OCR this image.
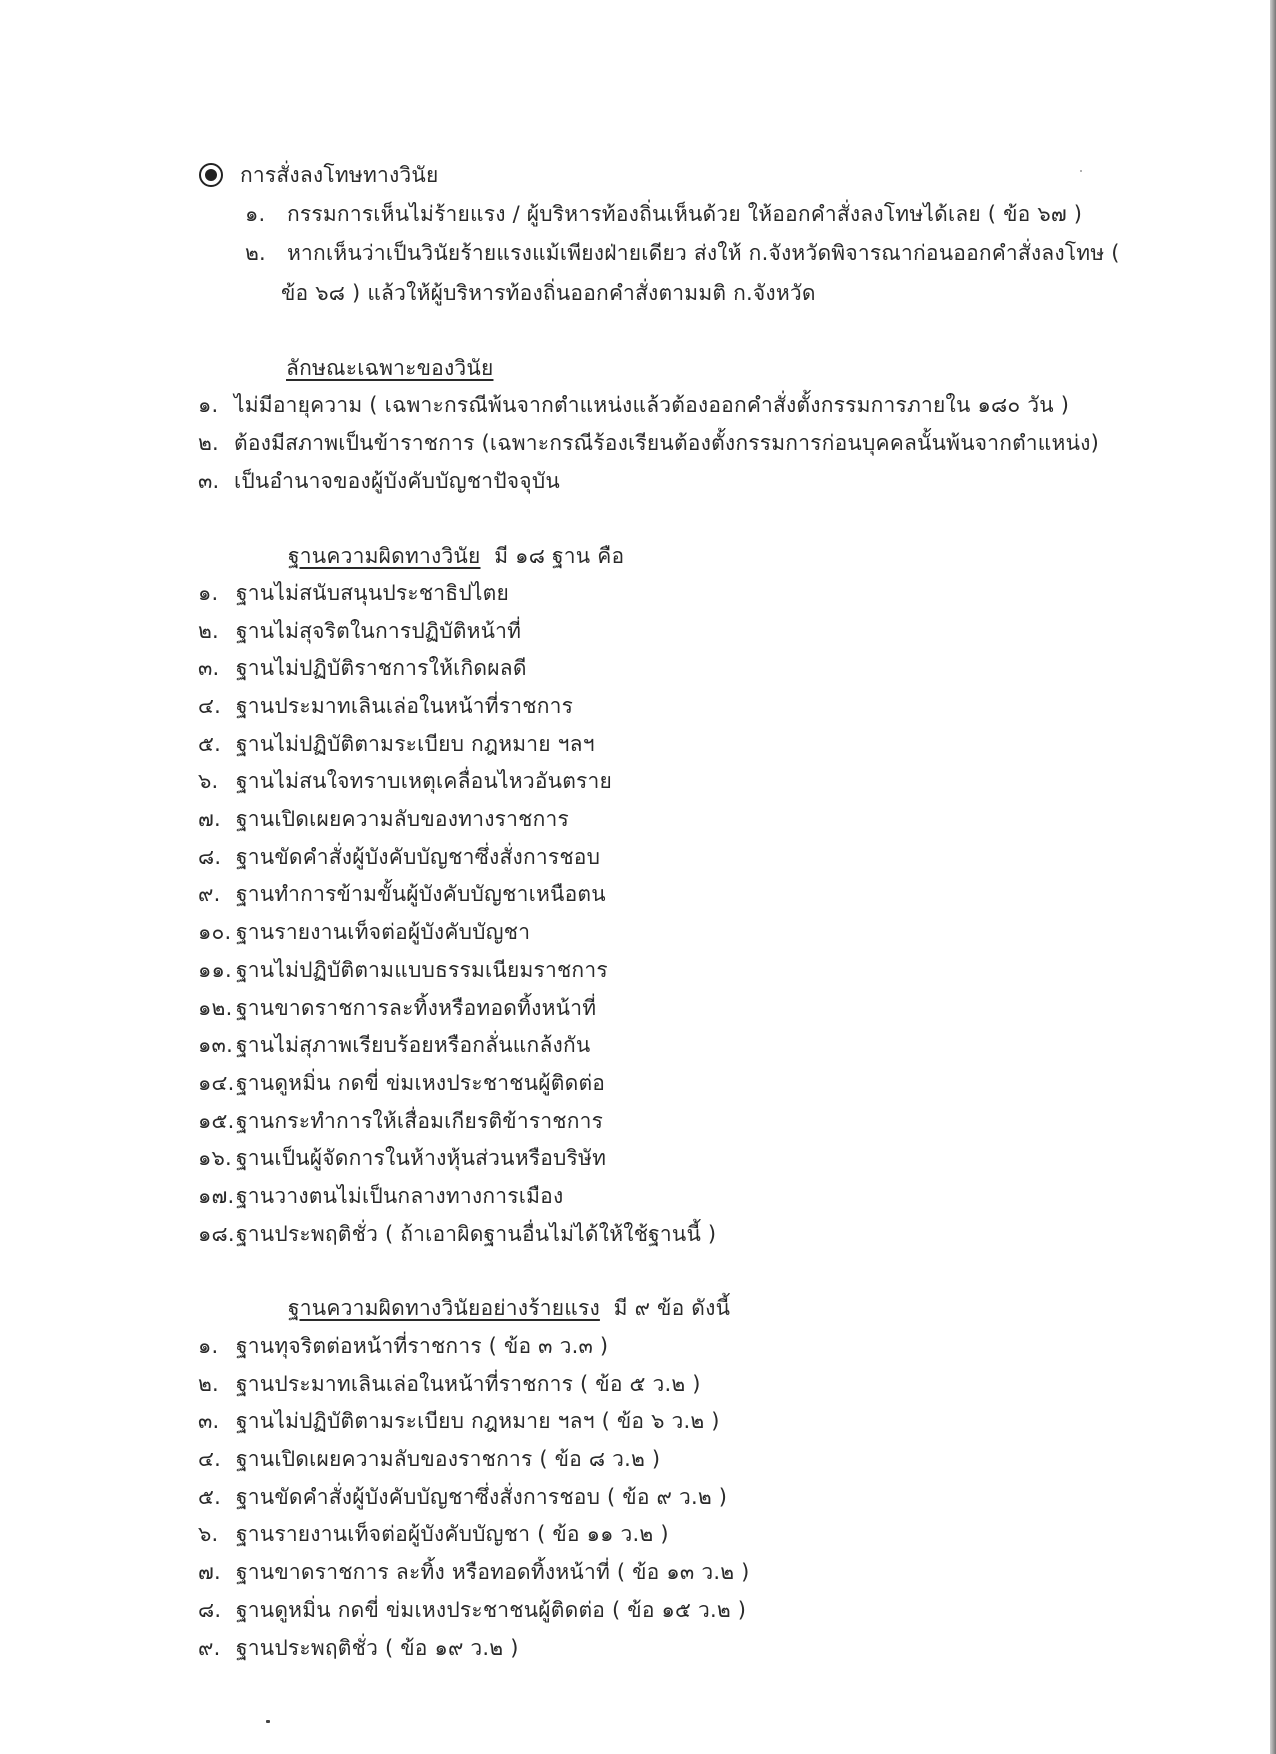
การสั่งลงโทษทางวินัย
๑. กรรมการเห็นไม่ร้ายแรง / ผู้บริหารท้องถิ่นเห็นด้วย ให้ออกคำสั่งลงโทษได้เลย ( ข้อ ๖๗ )
๒. หากเห็นว่าเป็นวินัยร้ายแรงแม้เพียงฝ่ายเดียว ส่งให้ ก.จังหวัดพิจารณาก่อนออกคำสั่งลงโทษ (
ข้อ ๖๘ ) แล้วให้ผู้บริหารท้องถิ่นออกคำสั่งตามมติ ก.จังหวัด
ลักษณะเฉพาะของวินัย
๑. ไม่มีอายุความ ( เฉพาะกรณีพ้นจากตำแหน่งแล้วต้องออกคำสั่งตั้งกรรมการภายใน ๑๘๐ วัน )
๒. ต้องมีสภาพเป็นข้าราชการ (เฉพาะกรณีร้องเรียนต้องตั้งกรรมการก่อนบุคคลนั้นพ้นจากตำแหน่ง)
๓. เป็นอำนาจของผู้บังคับบัญชาปัจจุบัน
ฐานความผิดทางวินัย มี ๑๘ ฐาน คือ
๑. ฐานไม่สนับสนุนประชาธิปไตย
๒. ฐานไม่สุจริตในการปฏิบัติหน้าที่
๓. ฐานไม่ปฏิบัติราชการให้เกิดผลดี
๔. ฐานประมาทเลินเล่อในหน้าที่ราชการ
๕. ฐานไม่ปฏิบัติตามระเบียบ กฎหมาย ฯลฯ
๖. ฐานไม่สนใจทราบเหตุเคลื่อนไหวอันตราย
๗. ฐานเปิดเผยความลับของทางราชการ
๘. ฐานขัดคำสั่งผู้บังคับบัญชาซึ่งสั่งการชอบ
๙. ฐานทำการข้ามขั้นผู้บังคับบัญชาเหนือตน
๑๐. ฐานรายงานเท็จต่อผู้บังคับบัญชา
๑๑. ฐานไม่ปฏิบัติตามแบบธรรมเนียมราชการ
๑๒. ฐานขาดราชการละทิ้งหรือทอดทิ้งหน้าที่
๑๓. ฐานไม่สุภาพเรียบร้อยหรือกลั่นแกล้งกัน
๑๔.ฐานดูหมิ่น กดขี่ ข่มเหงประชาชนผู้ติดต่อ
๑๕.ฐานกระทำการให้เสื่อมเกียรติข้าราชการ
๑๖. ฐานเป็นผู้จัดการในห้างหุ้นส่วนหรือบริษัท
๑๗.ฐานวางตนไม่เป็นกลางทางการเมือง
๑๘.ฐานประพฤติชั่ว ( ถ้าเอาผิดฐานอื่นไม่ได้ให้ใช้ฐานนี้ )
ฐานความผิดทางวินัยอย่างร้ายแรง มี ๙ ข้อ ดังนี้
๑. ฐานทุจริตต่อหน้าที่ราชการ ( ข้อ ๓ ว.๓ )
๒. ฐานประมาทเลินเล่อในหน้าที่ราชการ ( ข้อ ๕ ว.๒ )
๓. ฐานไม่ปฏิบัติตามระเบียบ กฎหมาย ฯลฯ ( ข้อ ๖ ว.๒ )
๔. ฐานเปิดเผยความลับของราชการ ( ข้อ ๘ ว.๒ )
๕. ฐานขัดคำสั่งผู้บังคับบัญชาซึ่งสั่งการชอบ ( ข้อ ๙ ว.๒ )
๖. ฐานรายงานเท็จต่อผู้บังคับบัญชา ( ข้อ ๑๑ ว.๒ )
๗. ฐานขาดราชการ ละทิ้ง หรือทอดทิ้งหน้าที่ ( ข้อ ๑๓ ว.๒ )
๘. ฐานดูหมิ่น กดขี่ ข่มเหงประชาชนผู้ติดต่อ ( ข้อ ๑๕ ว.๒ )
๙. ฐานประพฤติชั่ว ( ข้อ ๑๙ ว.๒ )
